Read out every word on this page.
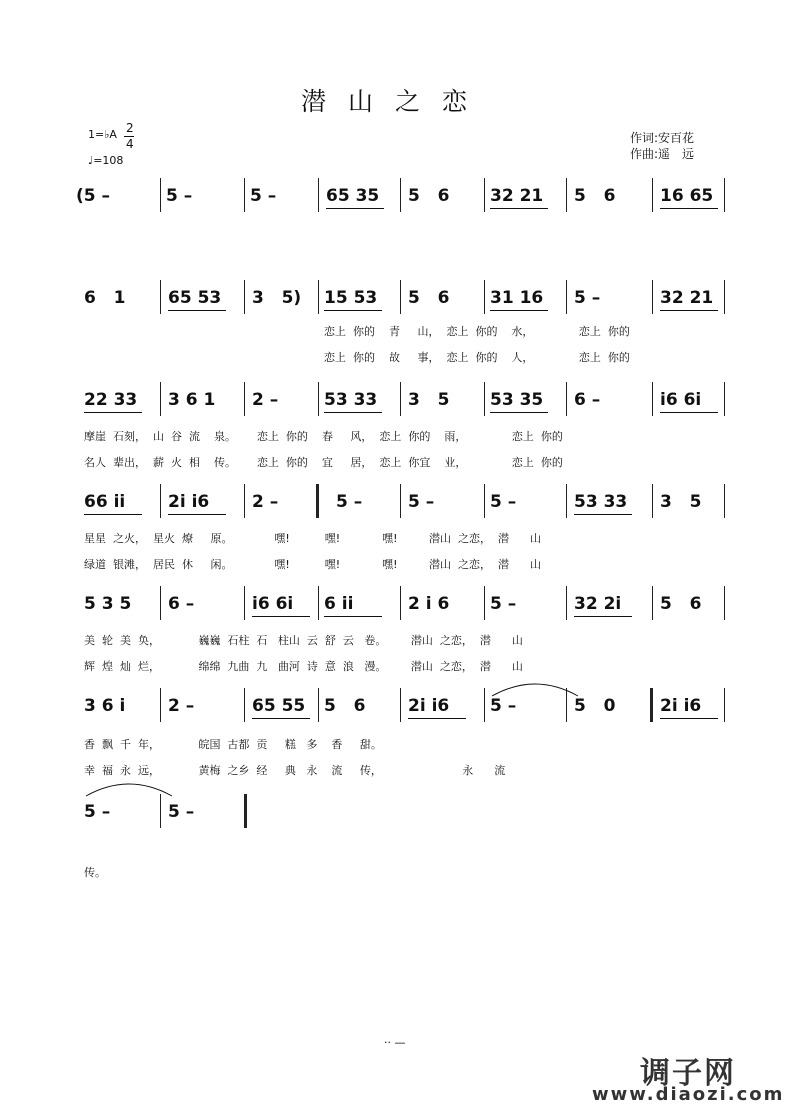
潜山之恋
1=♭A 2
4
♩=108
作词:安百花
作曲:遥　远
(5 –	5 –	5 –	65 35 5   6 32 21 5   6	16 65
6   1	65 53 3   5) 15 53 5   6 31 16 5 –	32 21
22 33 3 6 1 2 –	53 33 3   5 53 35 6 –	i6 6i
66 ii	2i i6	2 –	5 –	5 –	5 –	53 33 3   5
5 3 5 6 –	i6 6i 6 ii	2 i 6 5 –	32 2i 5   6
3 6 i	2 –	65 55 5   6	2i i6 5 –	5   0	2i i6
5 –	5 –
恋上  你的    青     山，  恋上  你的    水，             恋上  你的
恋上  你的    故     事，  恋上  你的    人，             恋上  你的
摩崖  石刻，  山  谷  流    泉。      恋上  你的    春     风，  恋上  你的    雨，             恋上  你的
名人  辈出，  薪  火  相    传。      恋上  你的    宜     居，  恋上  你宜    业，             恋上  你的
星星  之火，  星火  燎     原。            嘿!          嘿!            嘿!         潜山  之恋，  潜      山
绿道  银滩，  居民  休     闲。            嘿!          嘿!            嘿!         潜山  之恋，  潜      山
美  轮  美  奂，           巍巍  石柱  石   柱山  云  舒  云   卷。       潜山  之恋，  潜      山
辉  煌  灿  烂，           绵绵  九曲  九   曲河  诗  意  浪   漫。       潜山  之恋，  潜      山
香  飘  千  年，           皖国  古都  贡     糕   多    香     甜。
幸  福  永  远，           黄梅  之乡  经     典   永    流     传，                       永      流
传。
·· —
调子网
www.diaozi.com
